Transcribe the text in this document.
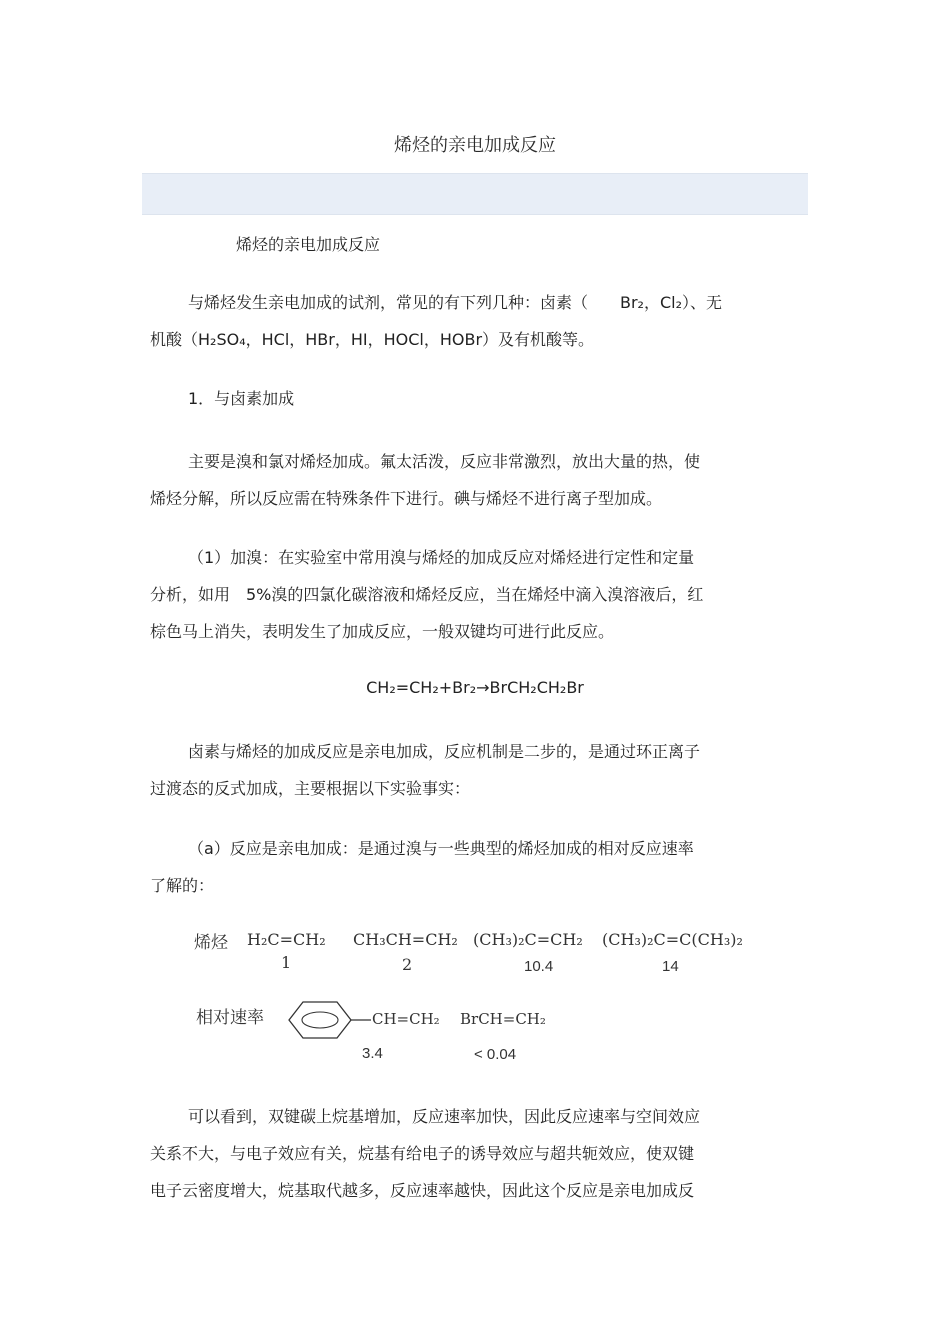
烯烃的亲电加成反应
烯烃的亲电加成反应
与烯烃发生亲电加成的试剂，常见的有下列几种：卤素（　　Br₂，Cl₂）、无
机酸（H₂SO₄，HCl，HBr，HI，HOCl，HOBr）及有机酸等。
1．与卤素加成
主要是溴和氯对烯烃加成。氟太活泼，反应非常激烈，放出大量的热，使
烯烃分解，所以反应需在特殊条件下进行。碘与烯烃不进行离子型加成。
（1）加溴：在实验室中常用溴与烯烃的加成反应对烯烃进行定性和定量
分析，如用　5%溴的四氯化碳溶液和烯烃反应，当在烯烃中滴入溴溶液后，红
棕色马上消失，表明发生了加成反应，一般双键均可进行此反应。
CH₂=CH₂+Br₂→BrCH₂CH₂Br
卤素与烯烃的加成反应是亲电加成，反应机制是二步的，是通过环正离子
过渡态的反式加成，主要根据以下实验事实：
（a）反应是亲电加成：是通过溴与一些典型的烯烃加成的相对反应速率
了解的：
烯烃 H₂C=CH₂
1
CH₃CH=CH₂
2
(CH₃)₂C=CH₂
10.4
(CH₃)₂C=C(CH₃)₂
14
相对速率	CH=CH₂
3.4
BrCH=CH₂
< 0.04
可以看到，双键碳上烷基增加，反应速率加快，因此反应速率与空间效应
关系不大，与电子效应有关，烷基有给电子的诱导效应与超共轭效应，使双键
电子云密度增大，烷基取代越多，反应速率越快，因此这个反应是亲电加成反
